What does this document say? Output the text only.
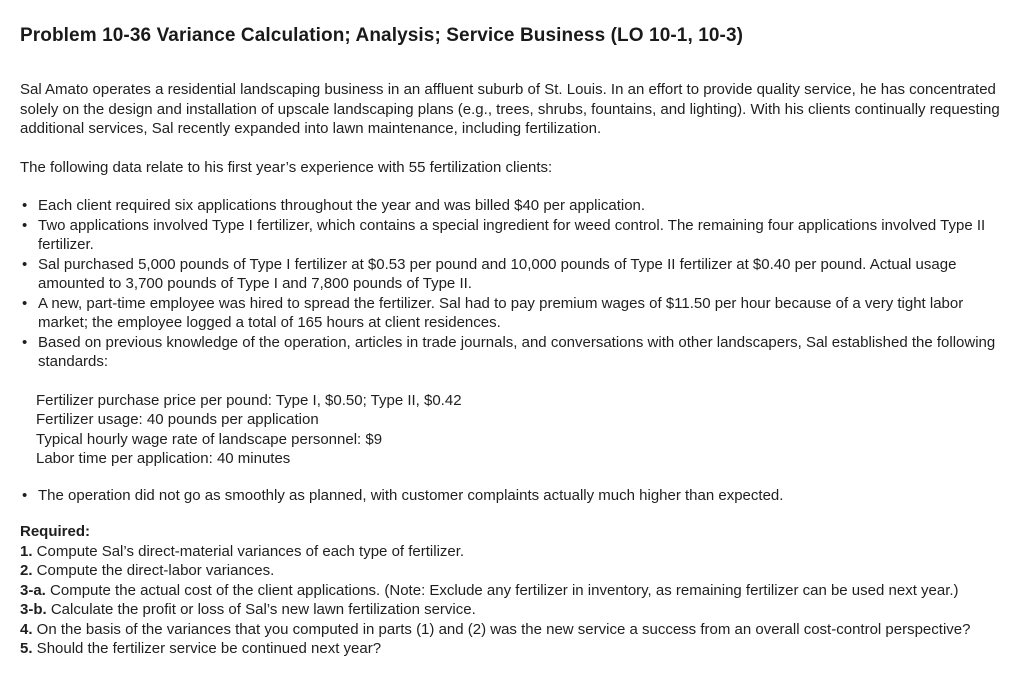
Problem 10-36 Variance Calculation; Analysis; Service Business (LO 10-1, 10-3)

Sal Amato operates a residential landscaping business in an affluent suburb of St. Louis. In an effort to provide quality service, he has concentrated solely on the design and installation of upscale landscaping plans (e.g., trees, shrubs, fountains, and lighting). With his clients continually requesting additional services, Sal recently expanded into lawn maintenance, including fertilization.

The following data relate to his first year’s experience with 55 fertilization clients:

• Each client required six applications throughout the year and was billed $40 per application.
• Two applications involved Type I fertilizer, which contains a special ingredient for weed control. The remaining four applications involved Type II fertilizer.
• Sal purchased 5,000 pounds of Type I fertilizer at $0.53 per pound and 10,000 pounds of Type II fertilizer at $0.40 per pound. Actual usage amounted to 3,700 pounds of Type I and 7,800 pounds of Type II.
• A new, part-time employee was hired to spread the fertilizer. Sal had to pay premium wages of $11.50 per hour because of a very tight labor market; the employee logged a total of 165 hours at client residences.
• Based on previous knowledge of the operation, articles in trade journals, and conversations with other landscapers, Sal established the following standards:
Fertilizer purchase price per pound: Type I, $0.50; Type II, $0.42
Fertilizer usage: 40 pounds per application
Typical hourly wage rate of landscape personnel: $9
Labor time per application: 40 minutes
• The operation did not go as smoothly as planned, with customer complaints actually much higher than expected.
Required:
1. Compute Sal’s direct-material variances of each type of fertilizer.
2. Compute the direct-labor variances.
3-a. Compute the actual cost of the client applications. (Note: Exclude any fertilizer in inventory, as remaining fertilizer can be used next year.)
3-b. Calculate the profit or loss of Sal’s new lawn fertilization service.
4. On the basis of the variances that you computed in parts (1) and (2) was the new service a success from an overall cost-control perspective?
5. Should the fertilizer service be continued next year?
